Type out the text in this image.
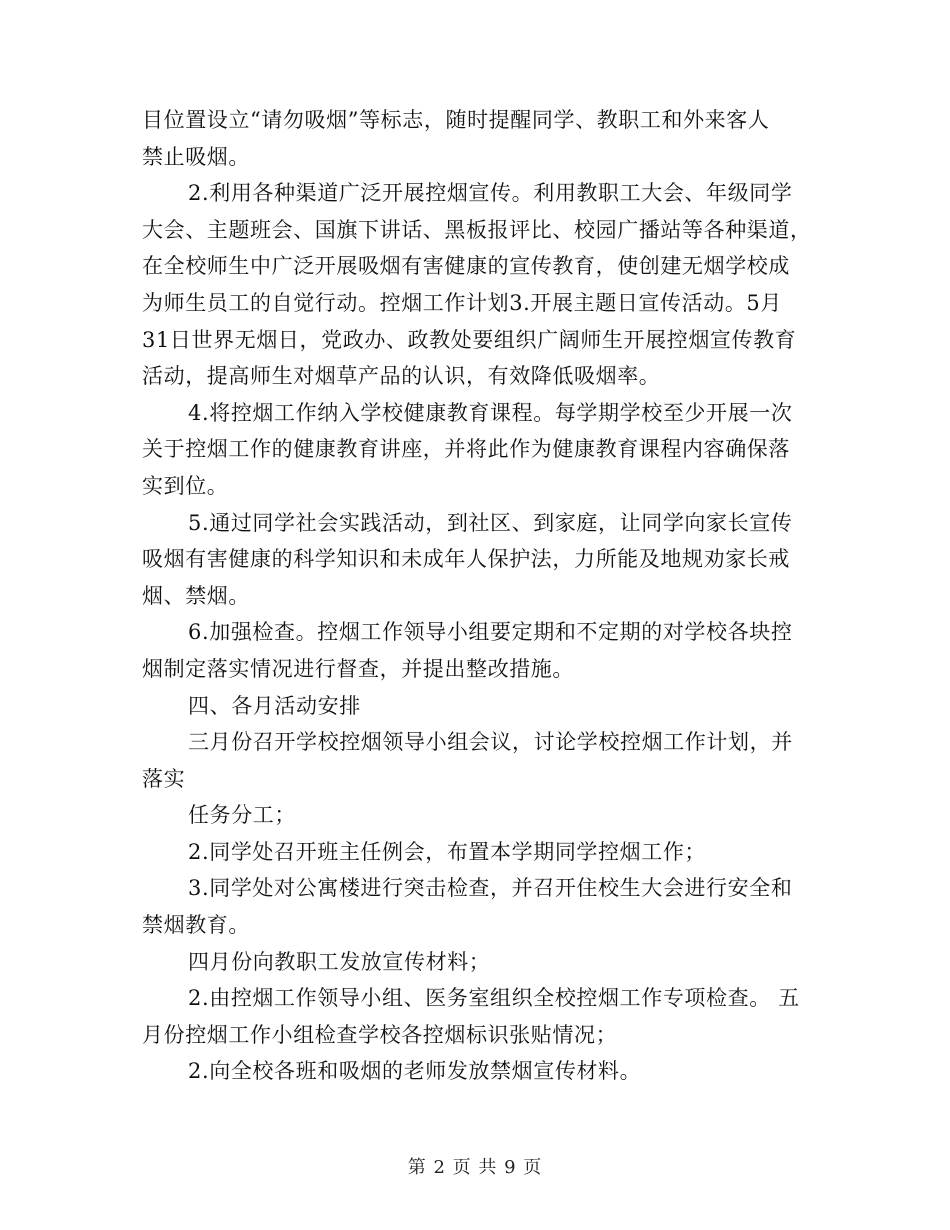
目位置设立“请勿吸烟”等标志，随时提醒同学、教职工和外来客人
禁止吸烟。
2.利用各种渠道广泛开展控烟宣传。利用教职工大会、年级同学
大会、主题班会、国旗下讲话、黑板报评比、校园广播站等各种渠道，
在全校师生中广泛开展吸烟有害健康的宣传教育，使创建无烟学校成
为师生员工的自觉行动。控烟工作计划3.开展主题日宣传活动。5月
31日世界无烟日，党政办、政教处要组织广阔师生开展控烟宣传教育
活动，提高师生对烟草产品的认识，有效降低吸烟率。
4.将控烟工作纳入学校健康教育课程。每学期学校至少开展一次
关于控烟工作的健康教育讲座，并将此作为健康教育课程内容确保落
实到位。
5.通过同学社会实践活动，到社区、到家庭，让同学向家长宣传
吸烟有害健康的科学知识和未成年人保护法，力所能及地规劝家长戒
烟、禁烟。
6.加强检查。控烟工作领导小组要定期和不定期的对学校各块控
烟制定落实情况进行督查，并提出整改措施。
四、各月活动安排
三月份召开学校控烟领导小组会议，讨论学校控烟工作计划，并
落实
任务分工；
2.同学处召开班主任例会，布置本学期同学控烟工作；
3.同学处对公寓楼进行突击检查，并召开住校生大会进行安全和
禁烟教育。
四月份向教职工发放宣传材料；
2.由控烟工作领导小组、医务室组织全校控烟工作专项检查。 五
月份控烟工作小组检查学校各控烟标识张贴情况；
2.向全校各班和吸烟的老师发放禁烟宣传材料。
第 2 页 共 9 页
